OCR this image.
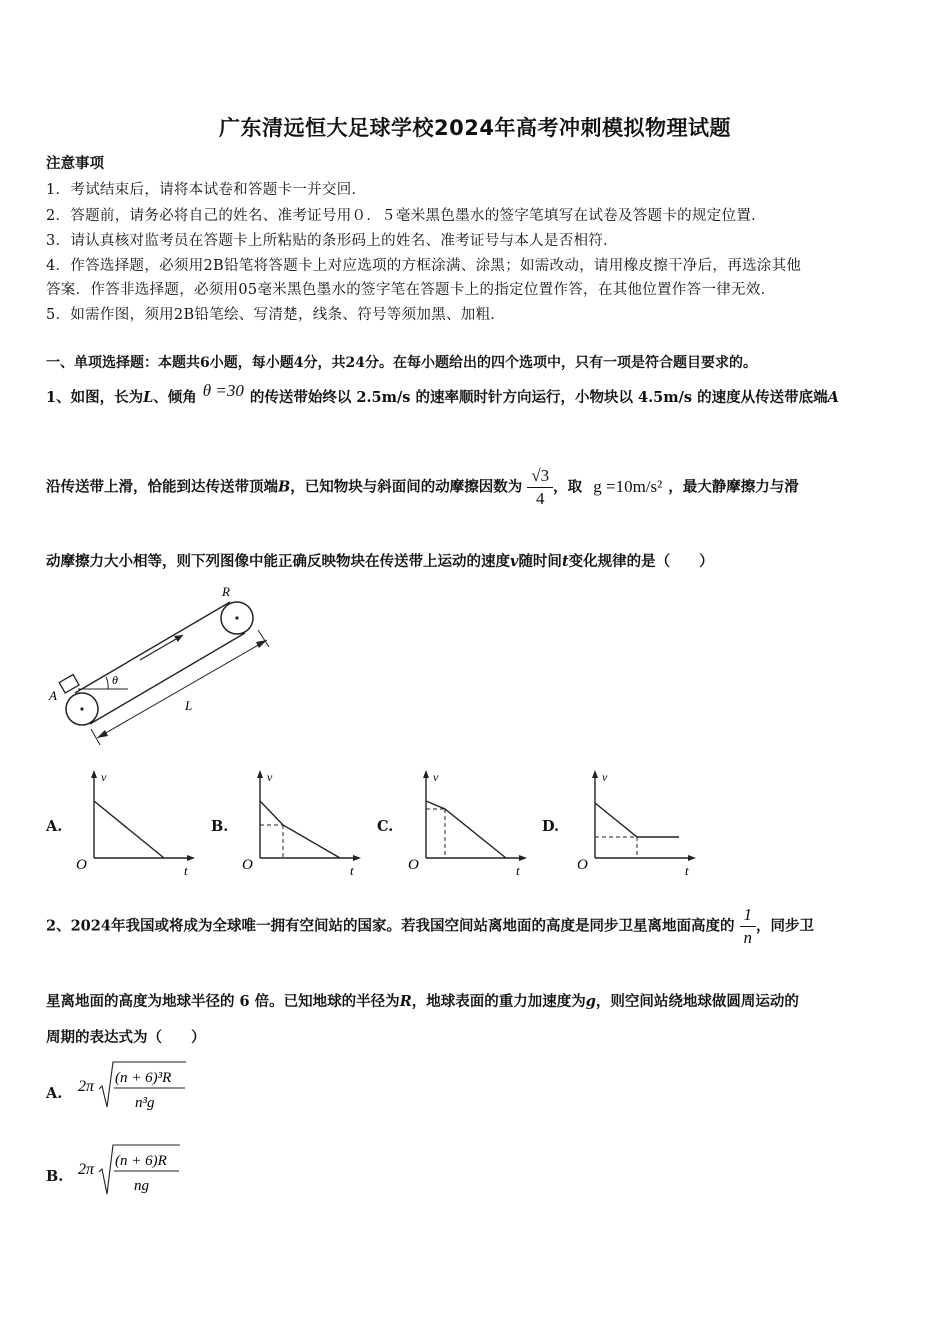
广东清远恒大足球学校2024年高考冲刺模拟物理试题
注意事项
1．考试结束后，请将本试卷和答题卡一并交回．
2．答题前，请务必将自己的姓名、准考证号用０．５毫米黑色墨水的签字笔填写在试卷及答题卡的规定位置．
3．请认真核对监考员在答题卡上所粘贴的条形码上的姓名、准考证号与本人是否相符．
4．作答选择题，必须用2B铅笔将答题卡上对应选项的方框涂满、涂黑；如需改动，请用橡皮擦干净后，再选涂其他
答案．作答非选择题，必须用05毫米黑色墨水的签字笔在答题卡上的指定位置作答，在其他位置作答一律无效．
5．如需作图，须用2B铅笔绘、写清楚，线条、符号等须加黑、加粗．
一、单项选择题：本题共6小题，每小题4分，共24分。在每小题给出的四个选项中，只有一项是符合题目要求的。
1、如图，长为L、倾角 θ =30 的传送带始终以 2.5m/s 的速率顺时针方向运行，小物块以 4.5m/s 的速度从传送带底端A
沿传送带上滑，恰能到达传送带顶端B，已知物块与斜面间的动摩擦因数为 $\frac{√3}{4}$ ，取 g =10m/s² ，最大静摩擦力与滑
动摩擦力大小相等，则下列图像中能正确反映物块在传送带上运动的速度v随时间t变化规律的是（　　）
A
R
θ
L
A.
v
O	t
B.
v
O	t
C.
v
O	t
D.
v
O	t
2、2024年我国或将成为全球唯一拥有空间站的国家。若我国空间站离地面的高度是同步卫星离地面高度的 $\frac{1}{n}$ ，同步卫
星离地面的高度为地球半径的 6 倍。已知地球的半径为R，地球表面的重力加速度为g，则空间站绕地球做圆周运动的
周期的表达式为（　　）
A. 2π (n + 6)³R
n³g
B. 2π (n + 6)R
ng
